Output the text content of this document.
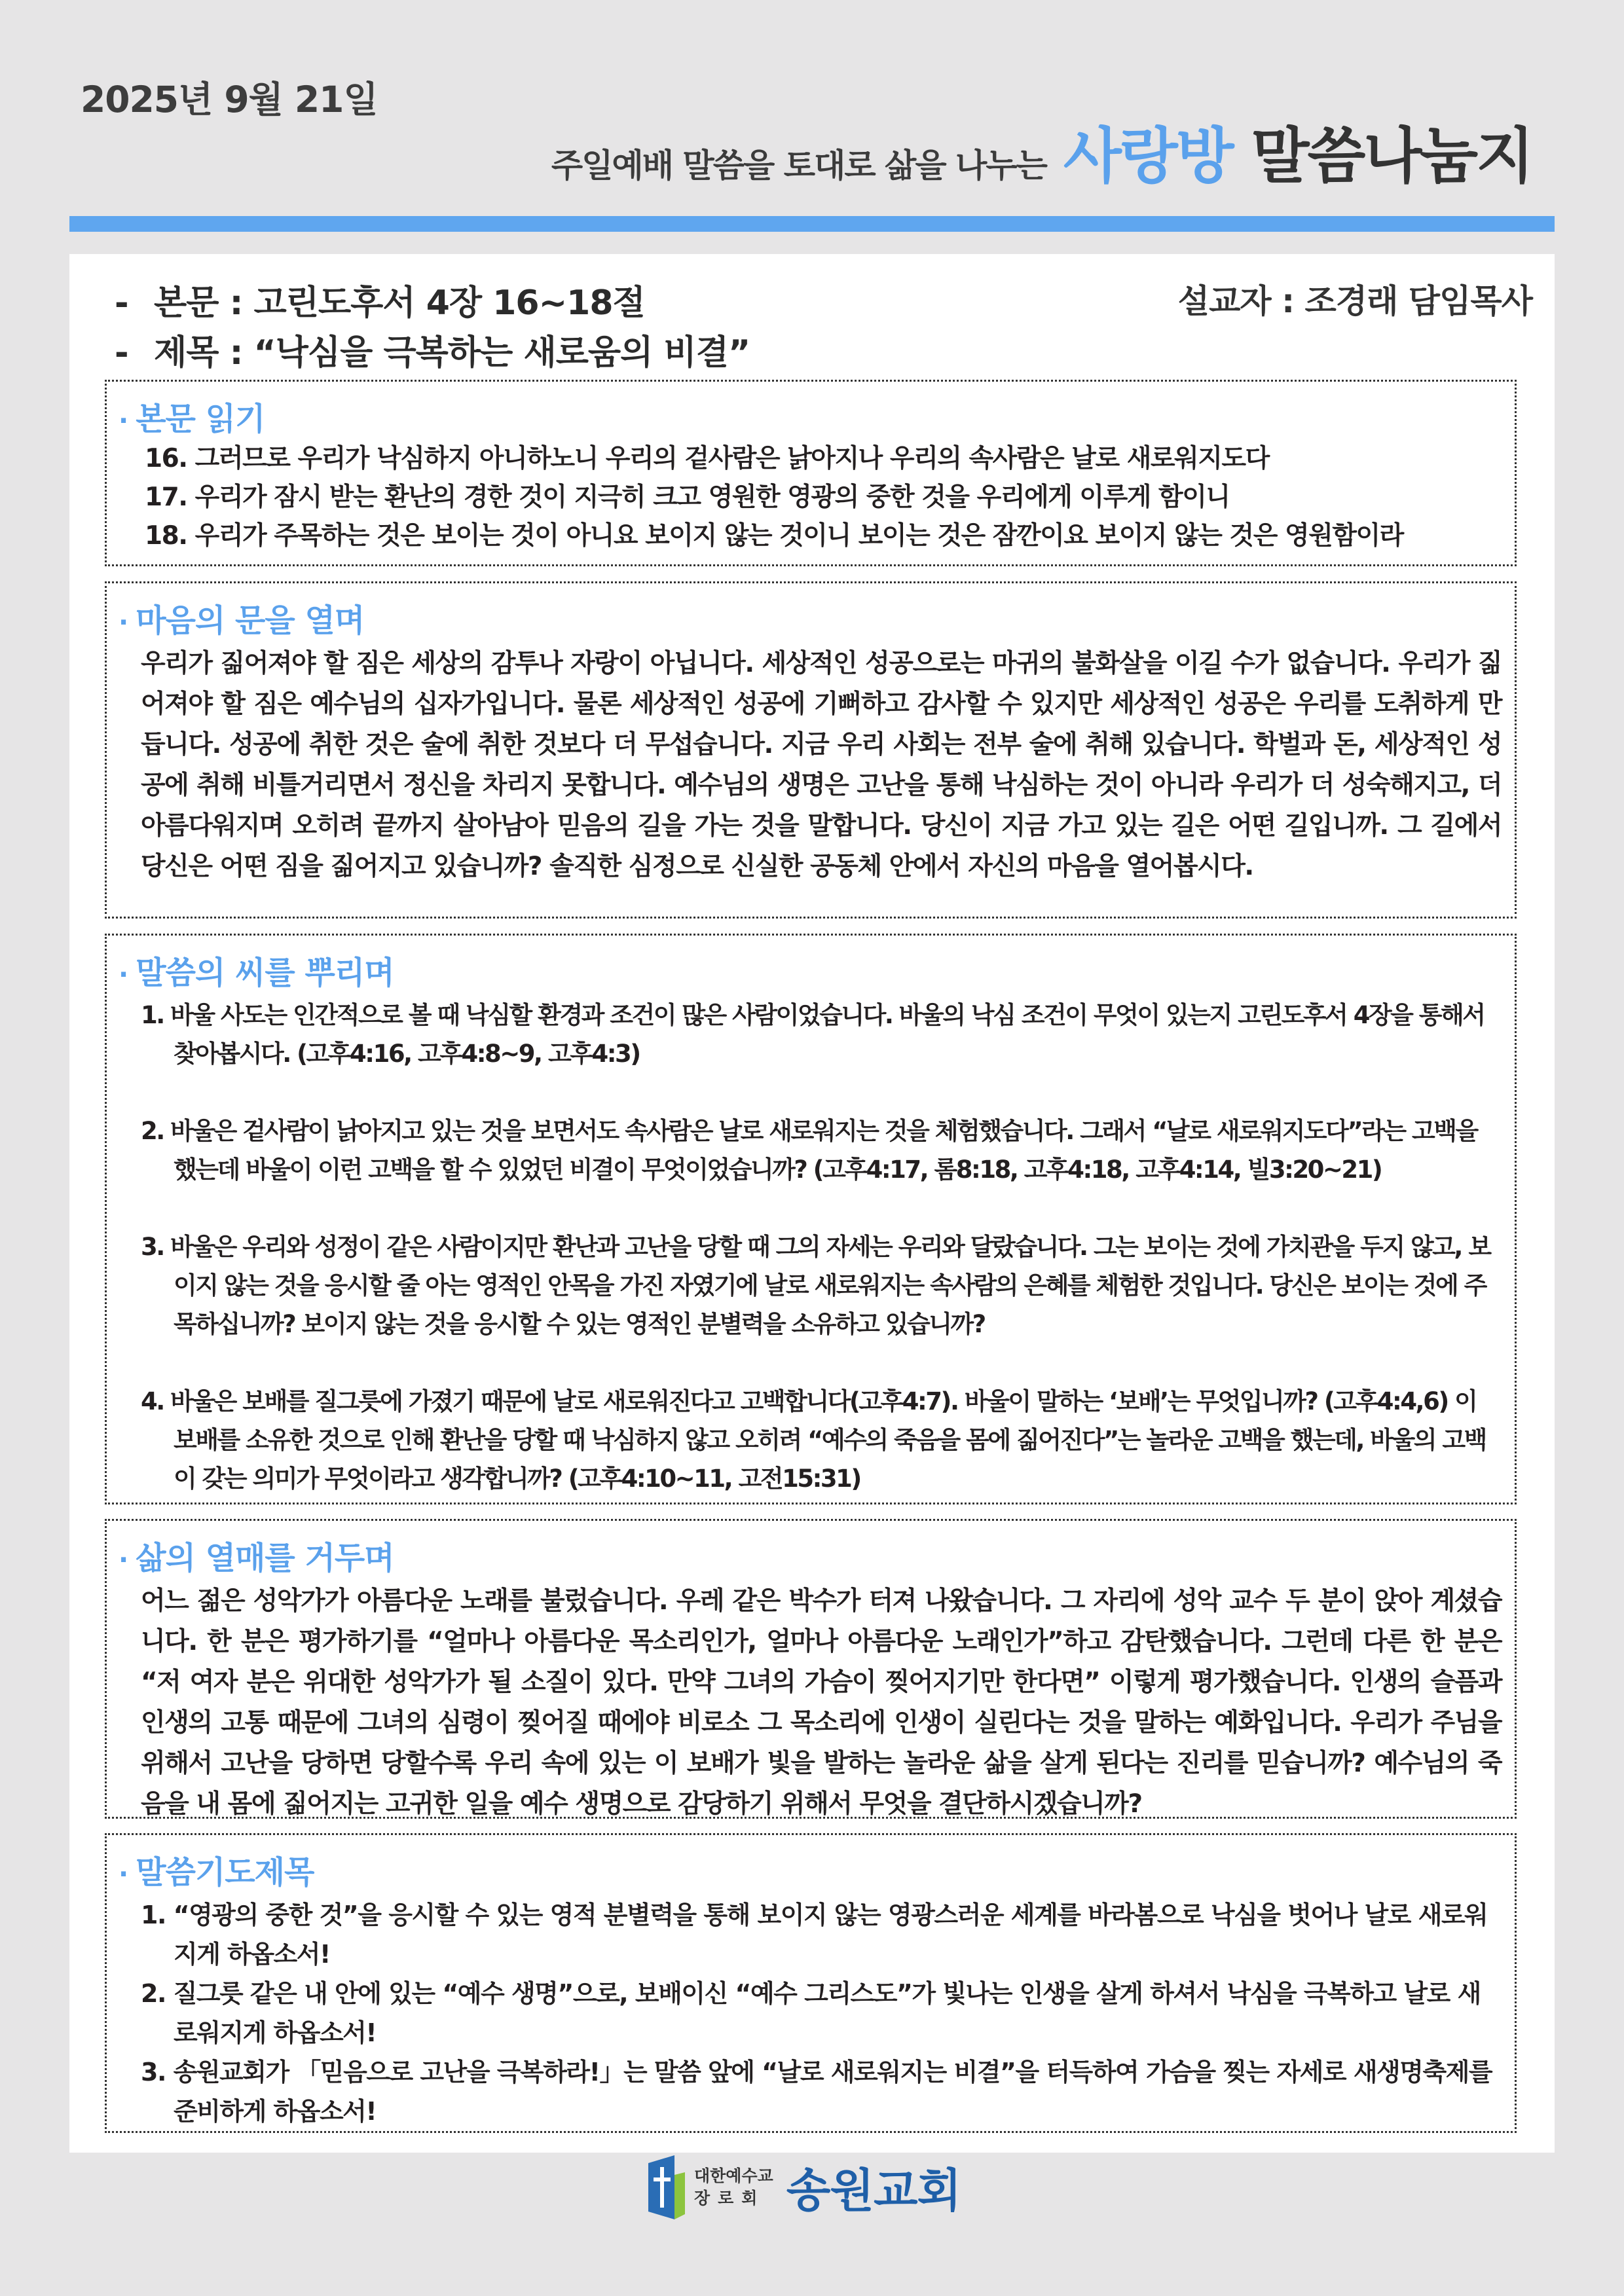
2025년 9월 21일
주일예배 말씀을 토대로 삶을 나누는 사랑방 말씀나눔지
- 본문 : 고린도후서 4장 16~18절
- 제목 : “낙심을 극복하는 새로움의 비결”
설교자 : 조경래 담임목사
· 본문 읽기
16. 그러므로 우리가 낙심하지 아니하노니 우리의 겉사람은 낡아지나 우리의 속사람은 날로 새로워지도다
17. 우리가 잠시 받는 환난의 경한 것이 지극히 크고 영원한 영광의 중한 것을 우리에게 이루게 함이니
18. 우리가 주목하는 것은 보이는 것이 아니요 보이지 않는 것이니 보이는 것은 잠깐이요 보이지 않는 것은 영원함이라
· 마음의 문을 열며
우리가 짊어져야 할 짐은 세상의 감투나 자랑이 아닙니다. 세상적인 성공으로는 마귀의 불화살을 이길 수가 없습니다. 우리가 짊어져야 할 짐은 예수님의 십자가입니다. 물론 세상적인 성공에 기뻐하고 감사할 수 있지만 세상적인 성공은 우리를 도취하게 만듭니다. 성공에 취한 것은 술에 취한 것보다 더 무섭습니다. 지금 우리 사회는 전부 술에 취해 있습니다. 학벌과 돈, 세상적인 성공에 취해 비틀거리면서 정신을 차리지 못합니다. 예수님의 생명은 고난을 통해 낙심하는 것이 아니라 우리가 더 성숙해지고, 더 아름다워지며 오히려 끝까지 살아남아 믿음의 길을 가는 것을 말합니다. 당신이 지금 가고 있는 길은 어떤 길입니까. 그 길에서 당신은 어떤 짐을 짊어지고 있습니까? 솔직한 심정으로 신실한 공동체 안에서 자신의 마음을 열어봅시다.
· 말씀의 씨를 뿌리며
1. 바울 사도는 인간적으로 볼 때 낙심할 환경과 조건이 많은 사람이었습니다. 바울의 낙심 조건이 무엇이 있는지 고린도후서 4장을 통해서 찾아봅시다. (고후4:16, 고후4:8~9, 고후4:3)
2. 바울은 겉사람이 낡아지고 있는 것을 보면서도 속사람은 날로 새로워지는 것을 체험했습니다. 그래서 “날로 새로워지도다”라는 고백을 했는데 바울이 이런 고백을 할 수 있었던 비결이 무엇이었습니까? (고후4:17, 롬8:18, 고후4:18, 고후4:14, 빌3:20~21)
3. 바울은 우리와 성정이 같은 사람이지만 환난과 고난을 당할 때 그의 자세는 우리와 달랐습니다. 그는 보이는 것에 가치관을 두지 않고, 보이지 않는 것을 응시할 줄 아는 영적인 안목을 가진 자였기에 날로 새로워지는 속사람의 은혜를 체험한 것입니다. 당신은 보이는 것에 주목하십니까? 보이지 않는 것을 응시할 수 있는 영적인 분별력을 소유하고 있습니까?
4. 바울은 보배를 질그릇에 가졌기 때문에 날로 새로워진다고 고백합니다(고후4:7). 바울이 말하는 ‘보배’는 무엇입니까? (고후4:4,6) 이 보배를 소유한 것으로 인해 환난을 당할 때 낙심하지 않고 오히려 “예수의 죽음을 몸에 짊어진다”는 놀라운 고백을 했는데, 바울의 고백이 갖는 의미가 무엇이라고 생각합니까? (고후4:10~11, 고전15:31)
· 삶의 열매를 거두며
어느 젊은 성악가가 아름다운 노래를 불렀습니다. 우레 같은 박수가 터져 나왔습니다. 그 자리에 성악 교수 두 분이 앉아 계셨습니다. 한 분은 평가하기를 “얼마나 아름다운 목소리인가, 얼마나 아름다운 노래인가”하고 감탄했습니다. 그런데 다른 한 분은 “저 여자 분은 위대한 성악가가 될 소질이 있다. 만약 그녀의 가슴이 찢어지기만 한다면” 이렇게 평가했습니다. 인생의 슬픔과 인생의 고통 때문에 그녀의 심령이 찢어질 때에야 비로소 그 목소리에 인생이 실린다는 것을 말하는 예화입니다. 우리가 주님을 위해서 고난을 당하면 당할수록 우리 속에 있는 이 보배가 빛을 발하는 놀라운 삶을 살게 된다는 진리를 믿습니까? 예수님의 죽음을 내 몸에 짊어지는 고귀한 일을 예수 생명으로 감당하기 위해서 무엇을 결단하시겠습니까?
· 말씀기도제목
1. “영광의 중한 것”을 응시할 수 있는 영적 분별력을 통해 보이지 않는 영광스러운 세계를 바라봄으로 낙심을 벗어나 날로 새로워지게 하옵소서!
2. 질그릇 같은 내 안에 있는 “예수 생명”으로, 보배이신 “예수 그리스도”가 빛나는 인생을 살게 하셔서 낙심을 극복하고 날로 새로워지게 하옵소서!
3. 송원교회가 「믿음으로 고난을 극복하라!」는 말씀 앞에 “날로 새로워지는 비결”을 터득하여 가슴을 찢는 자세로 새생명축제를 준비하게 하옵소서!
대한예수교
장로회 송원교회
